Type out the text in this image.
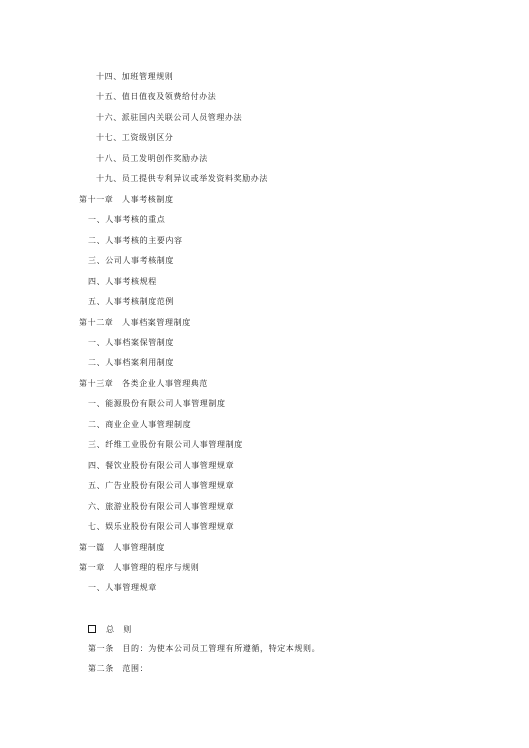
十四、加班管理规则
十五、值日值夜及领费给付办法
十六、派驻国内关联公司人员管理办法
十七、工资级别区分
十八、员工发明创作奖励办法
十九、员工提供专利异议或举发资料奖励办法
第十一章　人事考核制度
一、人事考核的重点
二、人事考核的主要内容
三、公司人事考核制度
四、人事考核规程
五、人事考核制度范例
第十二章　人事档案管理制度
一、人事档案保管制度
二、人事档案利用制度
第十三章　各类企业人事管理典范
一、能源股份有限公司人事管理制度
二、商业企业人事管理制度
三、纤维工业股份有限公司人事管理制度
四、餐饮业股份有限公司人事管理规章
五、广告业股份有限公司人事管理规章
六、旅游业股份有限公司人事管理规章
七、娱乐业股份有限公司人事管理规章
第一篇　人事管理制度
第一章　人事管理的程序与规则
一、人事管理规章
总　则
第一条　目的：为使本公司员工管理有所遵循，特定本规则。
第二条　范围：
